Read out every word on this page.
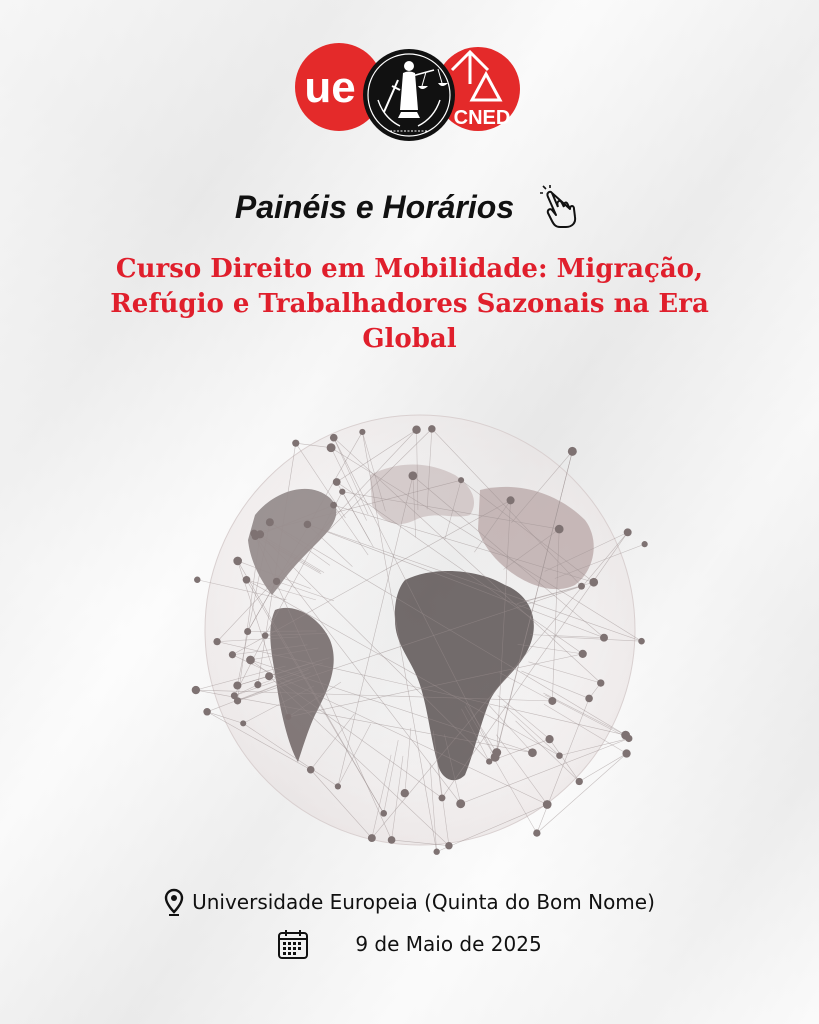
ue
CNED
Painéis e Horários
Curso Direito em Mobilidade: Migração, Refúgio e Trabalhadores Sazonais na Era Global
Universidade Europeia (Quinta do Bom Nome)
9 de Maio de 2025
